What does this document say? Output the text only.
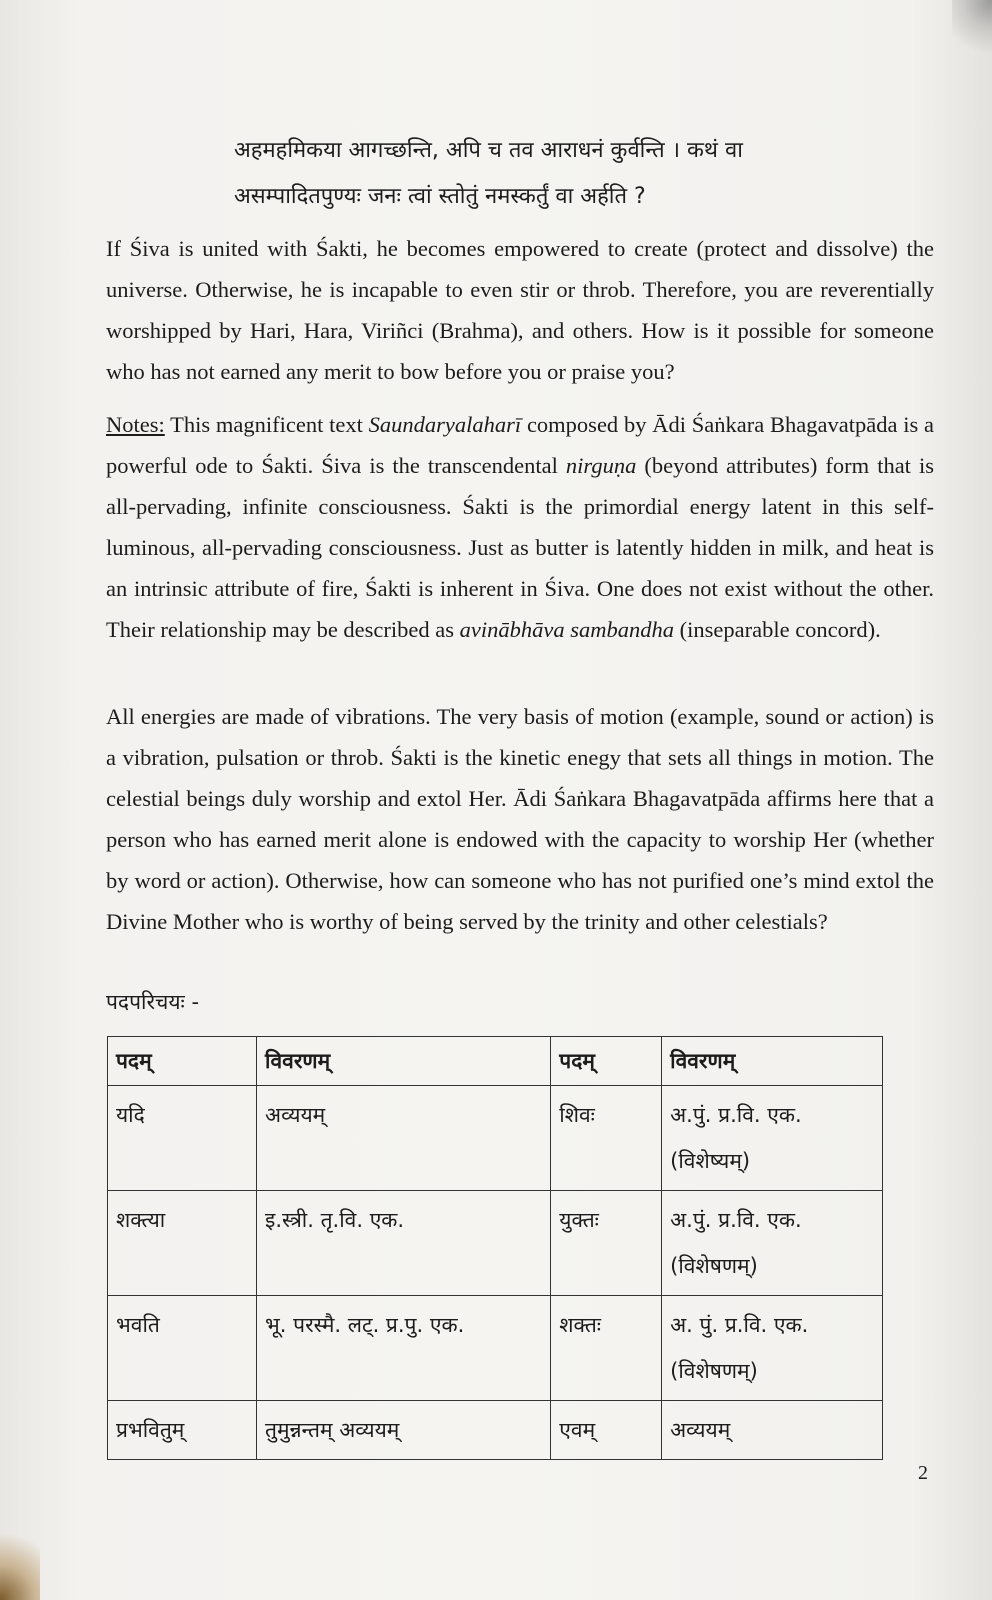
अहमहमिकया आगच्छन्ति, अपि च तव आराधनं कुर्वन्ति । कथं वा
असम्पादितपुण्यः जनः त्वां स्तोतुं नमस्कर्तुं वा अर्हति ?

If Śiva is united with Śakti, he becomes empowered to create (protect and dissolve) the universe. Otherwise, he is incapable to even stir or throb. Therefore, you are reverentially worshipped by Hari, Hara, Viriñci (Brahma), and others. How is it possible for someone who has not earned any merit to bow before you or praise you?

Notes: This magnificent text Saundaryalaharī composed by Ādi Śaṅkara Bhagavatpāda is a powerful ode to Śakti. Śiva is the transcendental nirguṇa (beyond attributes) form that is all-pervading, infinite consciousness. Śakti is the primordial energy latent in this self-luminous, all-pervading consciousness. Just as butter is latently hidden in milk, and heat is an intrinsic attribute of fire, Śakti is inherent in Śiva. One does not exist without the other. Their relationship may be described as avinābhāva sambandha (inseparable concord).

All energies are made of vibrations. The very basis of motion (example, sound or action) is a vibration, pulsation or throb. Śakti is the kinetic enegy that sets all things in motion. The celestial beings duly worship and extol Her. Ādi Śaṅkara Bhagavatpāda affirms here that a person who has earned merit alone is endowed with the capacity to worship Her (whether by word or action). Otherwise, how can someone who has not purified one’s mind extol the Divine Mother who is worthy of being served by the trinity and other celestials?

पदपरिचयः -
पदम्	विवरणम्	पदम्	विवरणम्
यदि	अव्ययम्	शिवः	अ.पुं. प्र.वि. एक. (विशेष्यम्)
शक्त्या	इ.स्त्री. तृ.वि. एक.	युक्तः	अ.पुं. प्र.वि. एक. (विशेषणम्)
भवति	भू. परस्मै. लट्. प्र.पु. एक.	शक्तः	अ. पुं. प्र.वि. एक. (विशेषणम्)
प्रभवितुम्	तुमुन्नन्तम् अव्ययम्	एवम्	अव्ययम्
2
